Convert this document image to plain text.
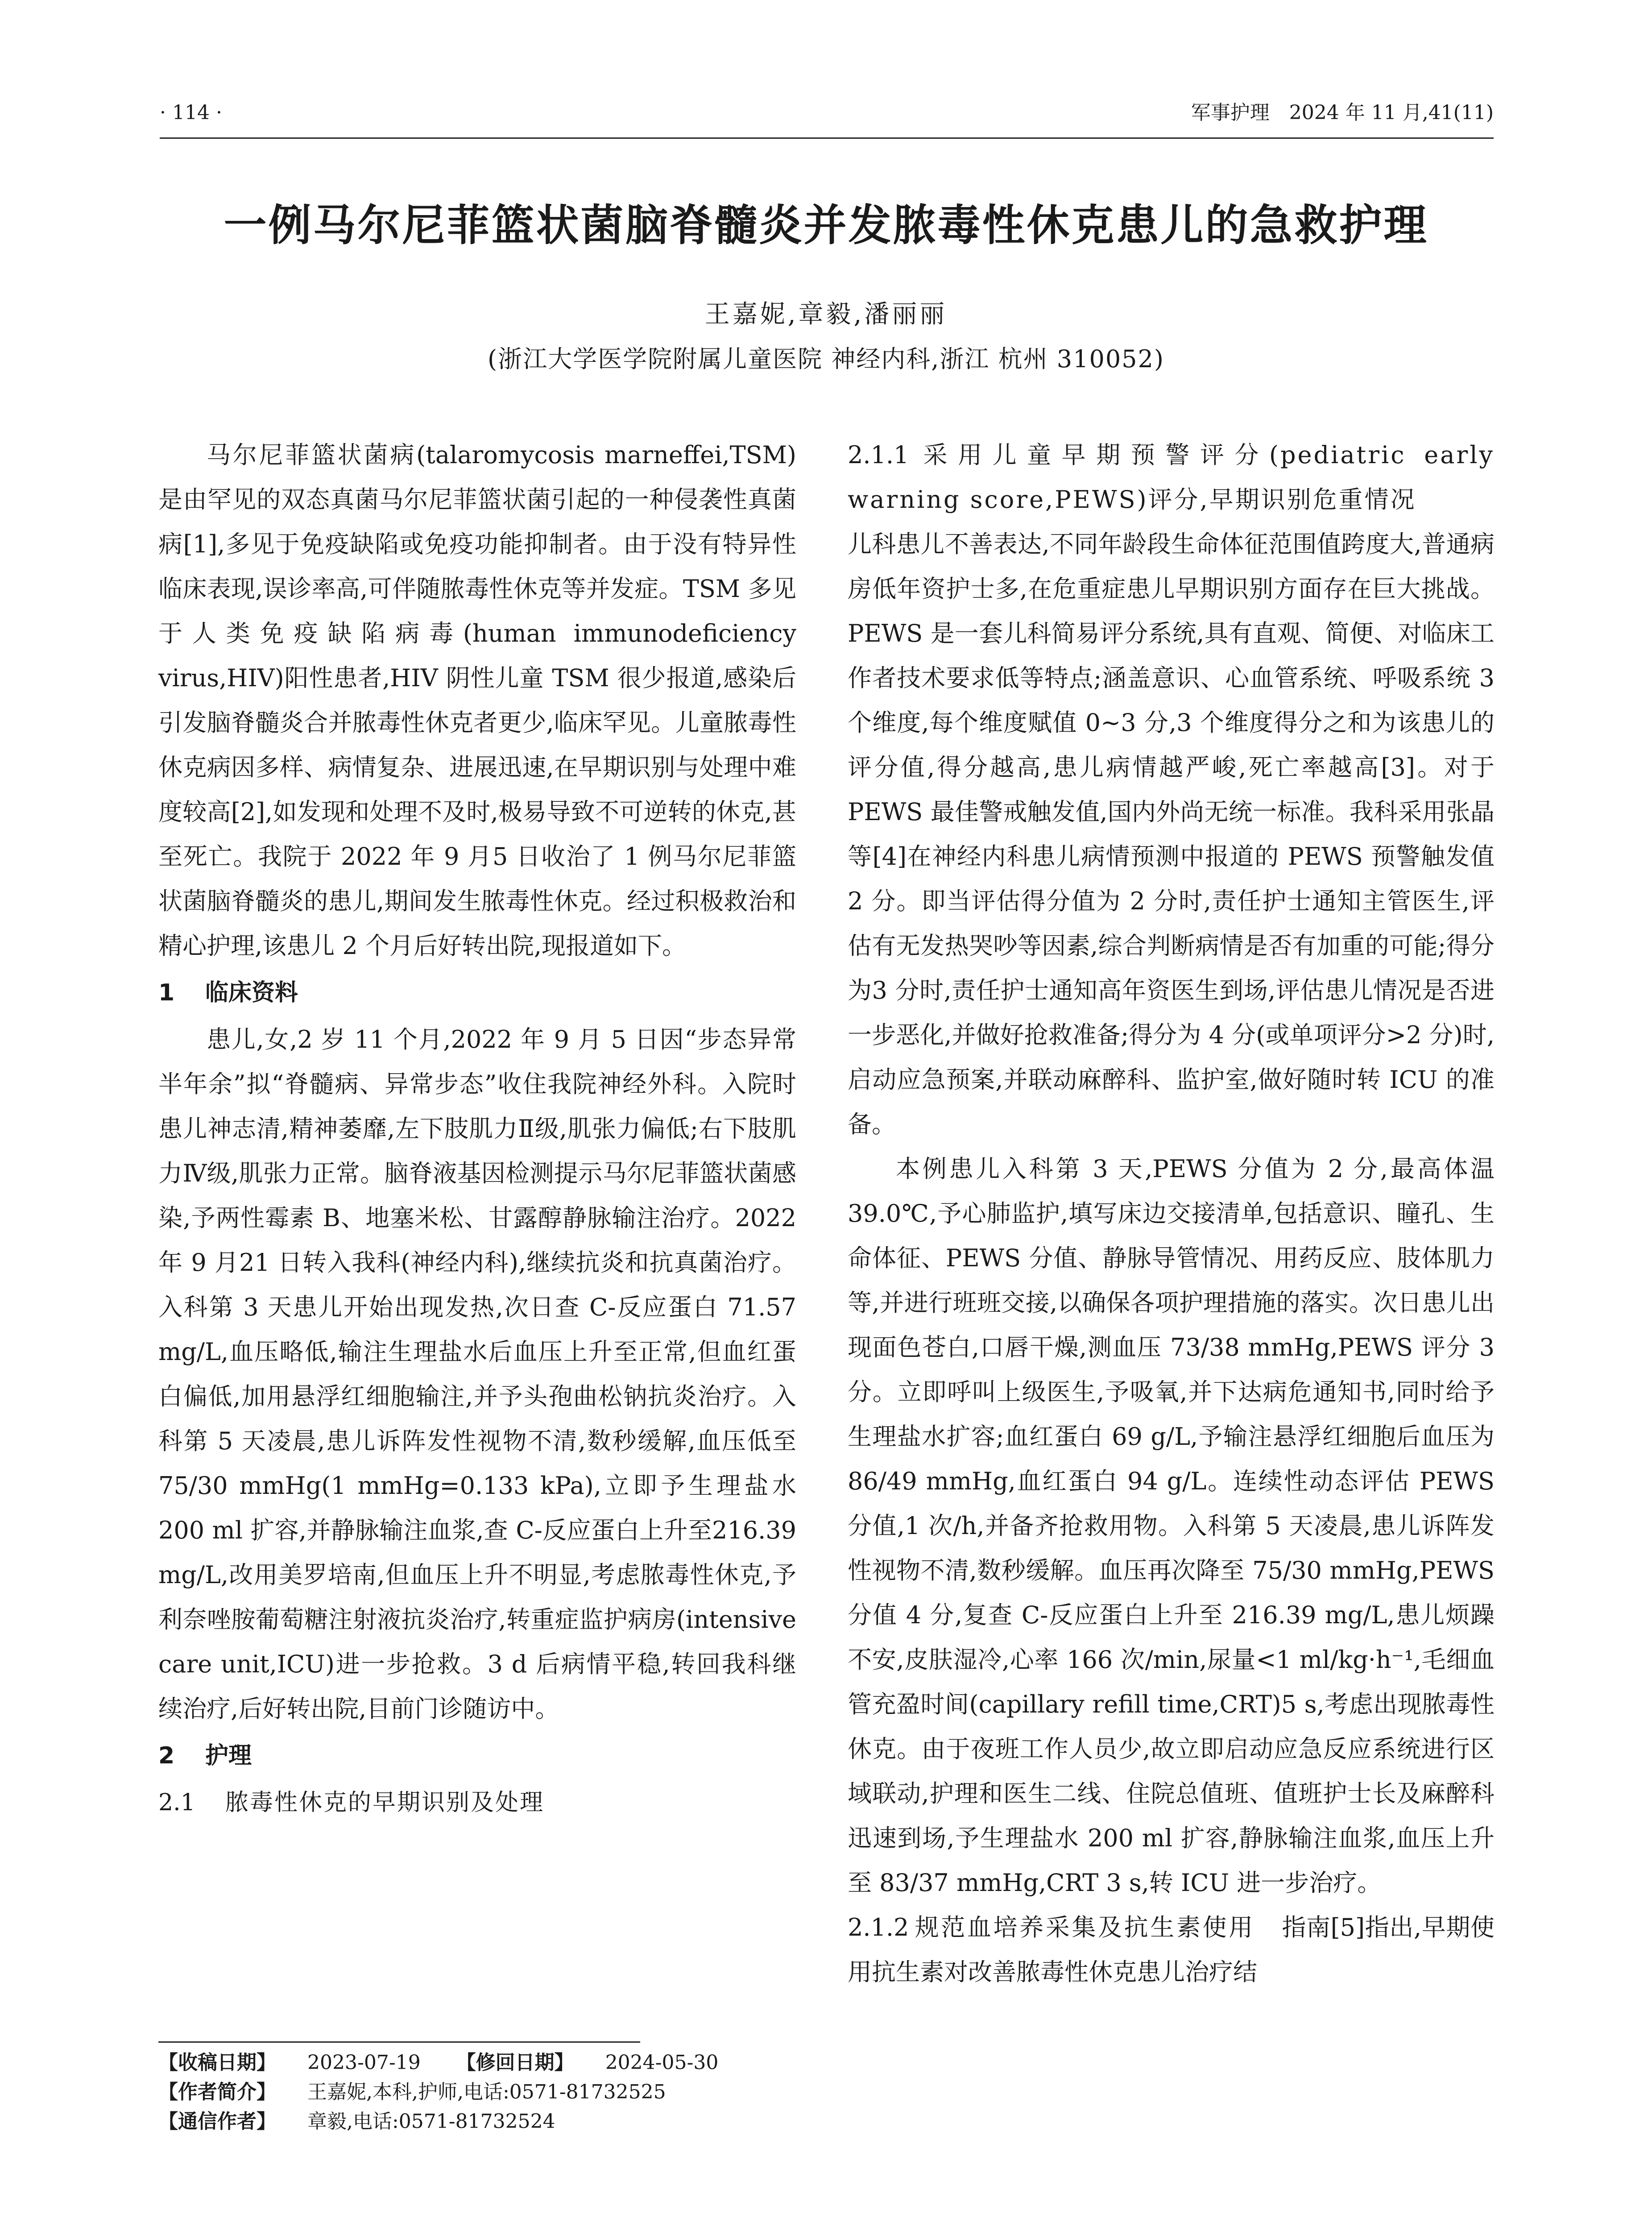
· 114 ·	军事护理　2024 年 11 月,41(11)
一例马尔尼菲篮状菌脑脊髓炎并发脓毒性休克患儿的急救护理
王嘉妮,章毅,潘丽丽
(浙江大学医学院附属儿童医院 神经内科,浙江 杭州 310052)

马尔尼菲篮状菌病(talaromycosis marneffei,TSM)是由罕见的双态真菌马尔尼菲篮状菌引起的一种侵袭性真菌病[1],多见于免疫缺陷或免疫功能抑制者。由于没有特异性临床表现,误诊率高,可伴随脓毒性休克等并发症。TSM 多见于人类免疫缺陷病毒(human immunodeficiency virus,HIV)阳性患者,HIV 阴性儿童 TSM 很少报道,感染后引发脑脊髓炎合并脓毒性休克者更少,临床罕见。儿童脓毒性休克病因多样、病情复杂、进展迅速,在早期识别与处理中难度较高[2],如发现和处理不及时,极易导致不可逆转的休克,甚至死亡。我院于 2022 年 9 月5 日收治了 1 例马尔尼菲篮状菌脑脊髓炎的患儿,期间发生脓毒性休克。经过积极救治和精心护理,该患儿 2 个月后好转出院,现报道如下。

1 临床资料

患儿,女,2 岁 11 个月,2022 年 9 月 5 日因“步态异常半年余”拟“脊髓病、异常步态”收住我院神经外科。入院时患儿神志清,精神萎靡,左下肢肌力Ⅱ级,肌张力偏低;右下肢肌力Ⅳ级,肌张力正常。脑脊液基因检测提示马尔尼菲篮状菌感染,予两性霉素 B、地塞米松、甘露醇静脉输注治疗。2022 年 9 月21 日转入我科(神经内科),继续抗炎和抗真菌治疗。入科第 3 天患儿开始出现发热,次日查 C-反应蛋白 71.57 mg/L,血压略低,输注生理盐水后血压上升至正常,但血红蛋白偏低,加用悬浮红细胞输注,并予头孢曲松钠抗炎治疗。入科第 5 天凌晨,患儿诉阵发性视物不清,数秒缓解,血压低至 75/30 mmHg(1 mmHg=0.133 kPa),立即予生理盐水 200 ml 扩容,并静脉输注血浆,查 C-反应蛋白上升至216.39 mg/L,改用美罗培南,但血压上升不明显,考虑脓毒性休克,予利奈唑胺葡萄糖注射液抗炎治疗,转重症监护病房(intensive care unit,ICU)进一步抢救。3 d 后病情平稳,转回我科继续治疗,后好转出院,目前门诊随访中。

2 护理
2.1 脓毒性休克的早期识别及处理
【收稿日期】 2023-07-19 【修回日期】 2024-05-30
【作者简介】 王嘉妮,本科,护师,电话:0571-81732525
【通信作者】 章毅,电话:0571-81732524

2.1.1 采用儿童早期预警评分(pediatric early warning score,PEWS)评分,早期识别危重情况

儿科患儿不善表达,不同年龄段生命体征范围值跨度大,普通病房低年资护士多,在危重症患儿早期识别方面存在巨大挑战。PEWS 是一套儿科简易评分系统,具有直观、简便、对临床工作者技术要求低等特点;涵盖意识、心血管系统、呼吸系统 3 个维度,每个维度赋值 0~3 分,3 个维度得分之和为该患儿的评分值,得分越高,患儿病情越严峻,死亡率越高[3]。对于 PEWS 最佳警戒触发值,国内外尚无统一标准。我科采用张晶等[4]在神经内科患儿病情预测中报道的 PEWS 预警触发值 2 分。即当评估得分值为 2 分时,责任护士通知主管医生,评估有无发热哭吵等因素,综合判断病情是否有加重的可能;得分为3 分时,责任护士通知高年资医生到场,评估患儿情况是否进一步恶化,并做好抢救准备;得分为 4 分(或单项评分>2 分)时,启动应急预案,并联动麻醉科、监护室,做好随时转 ICU 的准备。

本例患儿入科第 3 天,PEWS 分值为 2 分,最高体温 39.0℃,予心肺监护,填写床边交接清单,包括意识、瞳孔、生命体征、PEWS 分值、静脉导管情况、用药反应、肢体肌力等,并进行班班交接,以确保各项护理措施的落实。次日患儿出现面色苍白,口唇干燥,测血压 73/38 mmHg,PEWS 评分 3 分。立即呼叫上级医生,予吸氧,并下达病危通知书,同时给予生理盐水扩容;血红蛋白 69 g/L,予输注悬浮红细胞后血压为 86/49 mmHg,血红蛋白 94 g/L。连续性动态评估 PEWS 分值,1 次/h,并备齐抢救用物。入科第 5 天凌晨,患儿诉阵发性视物不清,数秒缓解。血压再次降至 75/30 mmHg,PEWS 分值 4 分,复查 C-反应蛋白上升至 216.39 mg/L,患儿烦躁不安,皮肤湿冷,心率 166 次/min,尿量<1 ml/kg·h⁻¹,毛细血管充盈时间(capillary refill time,CRT)5 s,考虑出现脓毒性休克。由于夜班工作人员少,故立即启动应急反应系统进行区域联动,护理和医生二线、住院总值班、值班护士长及麻醉科迅速到场,予生理盐水 200 ml 扩容,静脉输注血浆,血压上升至 83/37 mmHg,CRT 3 s,转 ICU 进一步治疗。

2.1.2 规范血培养采集及抗生素使用 指南[5]指出,早期使用抗生素对改善脓毒性休克患儿治疗结
